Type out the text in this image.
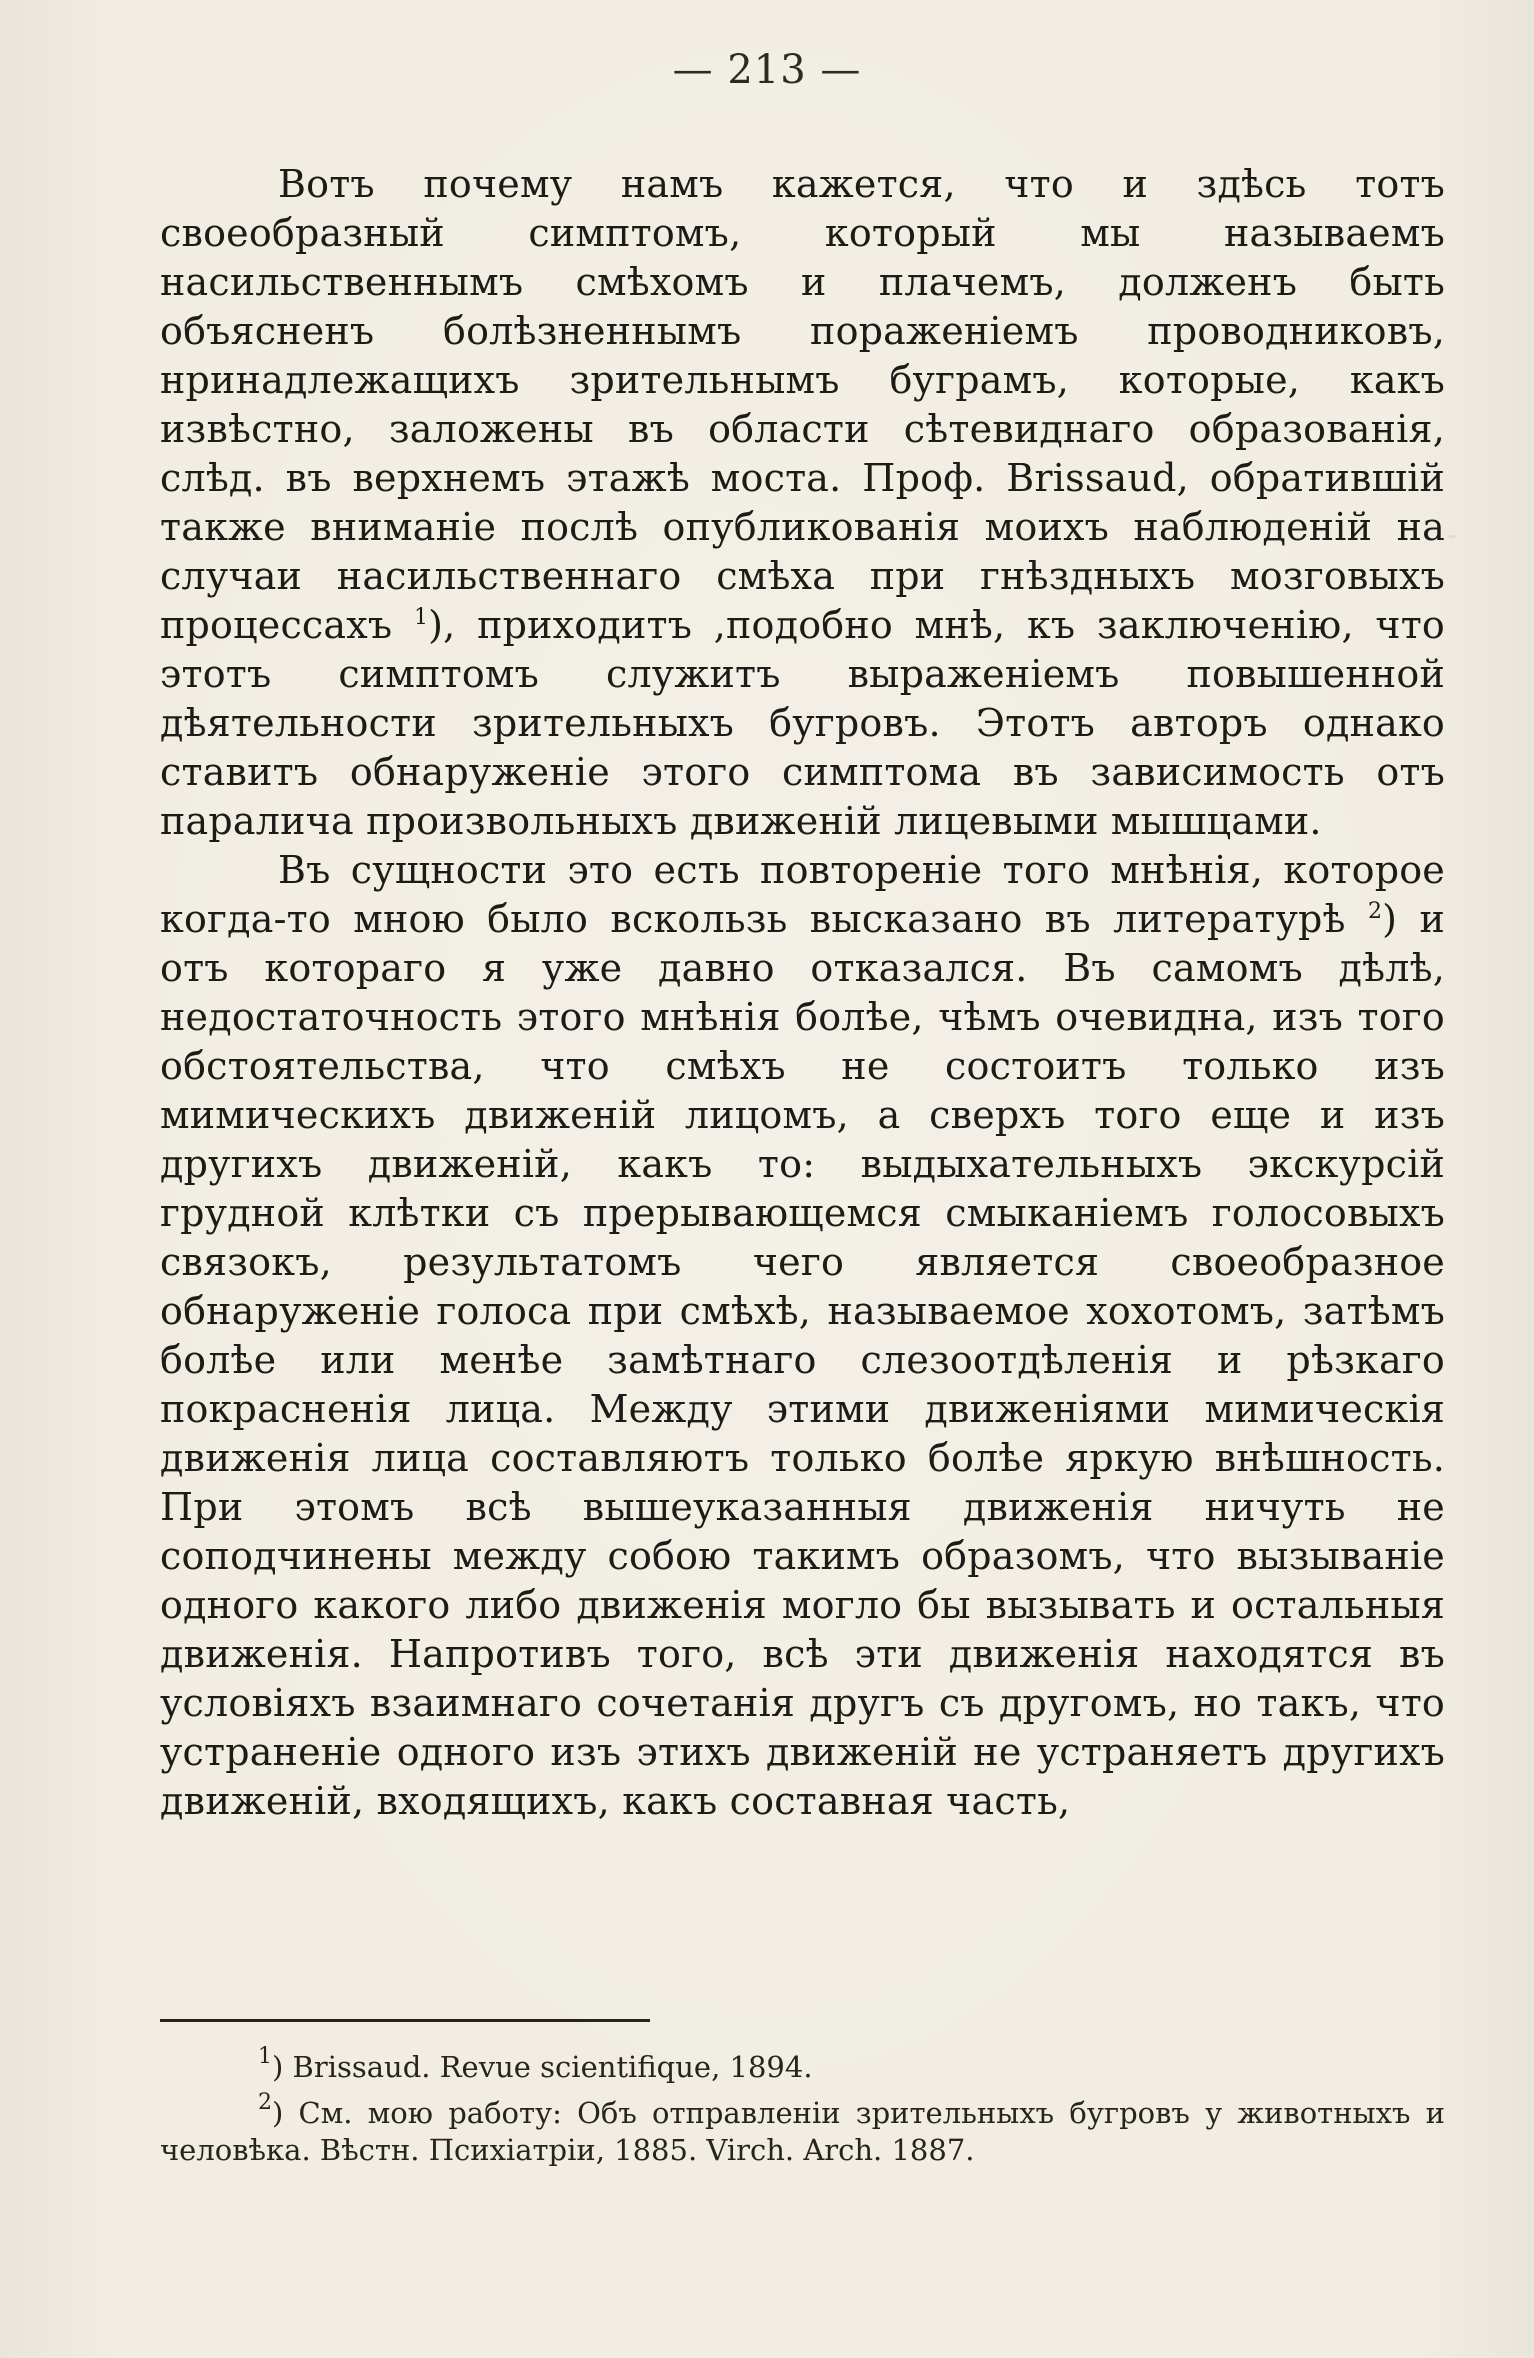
— 213 —

Вотъ почему намъ кажется, что и здѣсь тотъ своеобразный симптомъ, который мы называемъ насильственнымъ смѣхомъ и плачемъ, долженъ быть объясненъ болѣзненнымъ пораженіемъ проводниковъ, нринадлежащихъ зрительнымъ буграмъ, которые, какъ извѣстно, заложены въ области сѣтевиднаго образованія, слѣд. въ верхнемъ этажѣ моста. Проф. Brissaud, обратившій также вниманіе послѣ опубликованія моихъ наблюденій на случаи насильственнаго смѣха при гнѣздныхъ мозговыхъ процессахъ $^1$), приходитъ ,подобно мнѣ, къ заключенію, что этотъ симптомъ служитъ выраженіемъ повышенной дѣятельности зрительныхъ бугровъ. Этотъ авторъ однако ставитъ обнаруженіе этого симптома въ зависимость отъ паралича произвольныхъ движеній лицевыми мышцами.

Въ сущности это есть повтореніе того мнѣнія, которое когда-то мною было вскользь высказано въ литературѣ $^2$) и отъ котораго я уже давно отказался. Въ самомъ дѣлѣ, недостаточность этого мнѣнія болѣе, чѣмъ очевидна, изъ того обстоятельства, что смѣхъ не состоитъ только изъ мимическихъ движеній лицомъ, а сверхъ того еще и изъ другихъ движеній, какъ то: выдыхательныхъ экскурсій грудной клѣтки съ прерывающемся смыканіемъ голосовыхъ связокъ, результатомъ чего является своеобразное обнаруженіе голоса при смѣхѣ, называемое хохотомъ, затѣмъ болѣе или менѣе замѣтнаго слезоотдѣленія и рѣзкаго покрасненія лица. Между этими движеніями мимическія движенія лица составляютъ только болѣе яркую внѣшность. При этомъ всѣ вышеуказанныя движенія ничуть не соподчинены между собою такимъ образомъ, что вызываніе одного какого либо движенія могло бы вызывать и остальныя движенія. Напротивъ того, всѣ эти движенія находятся въ условіяхъ взаимнаго сочетанія другъ съ другомъ, но такъ, что устраненіе одного изъ этихъ движеній не устраняетъ другихъ движеній, входящихъ, какъ составная часть,

$^1$) Brissaud. Revue scientifique, 1894.

$^2$) См. мою работу: Объ отправленіи зрительныхъ бугровъ у животныхъ и человѣка. Вѣстн. Психіатріи, 1885. Virch. Arch. 1887.
